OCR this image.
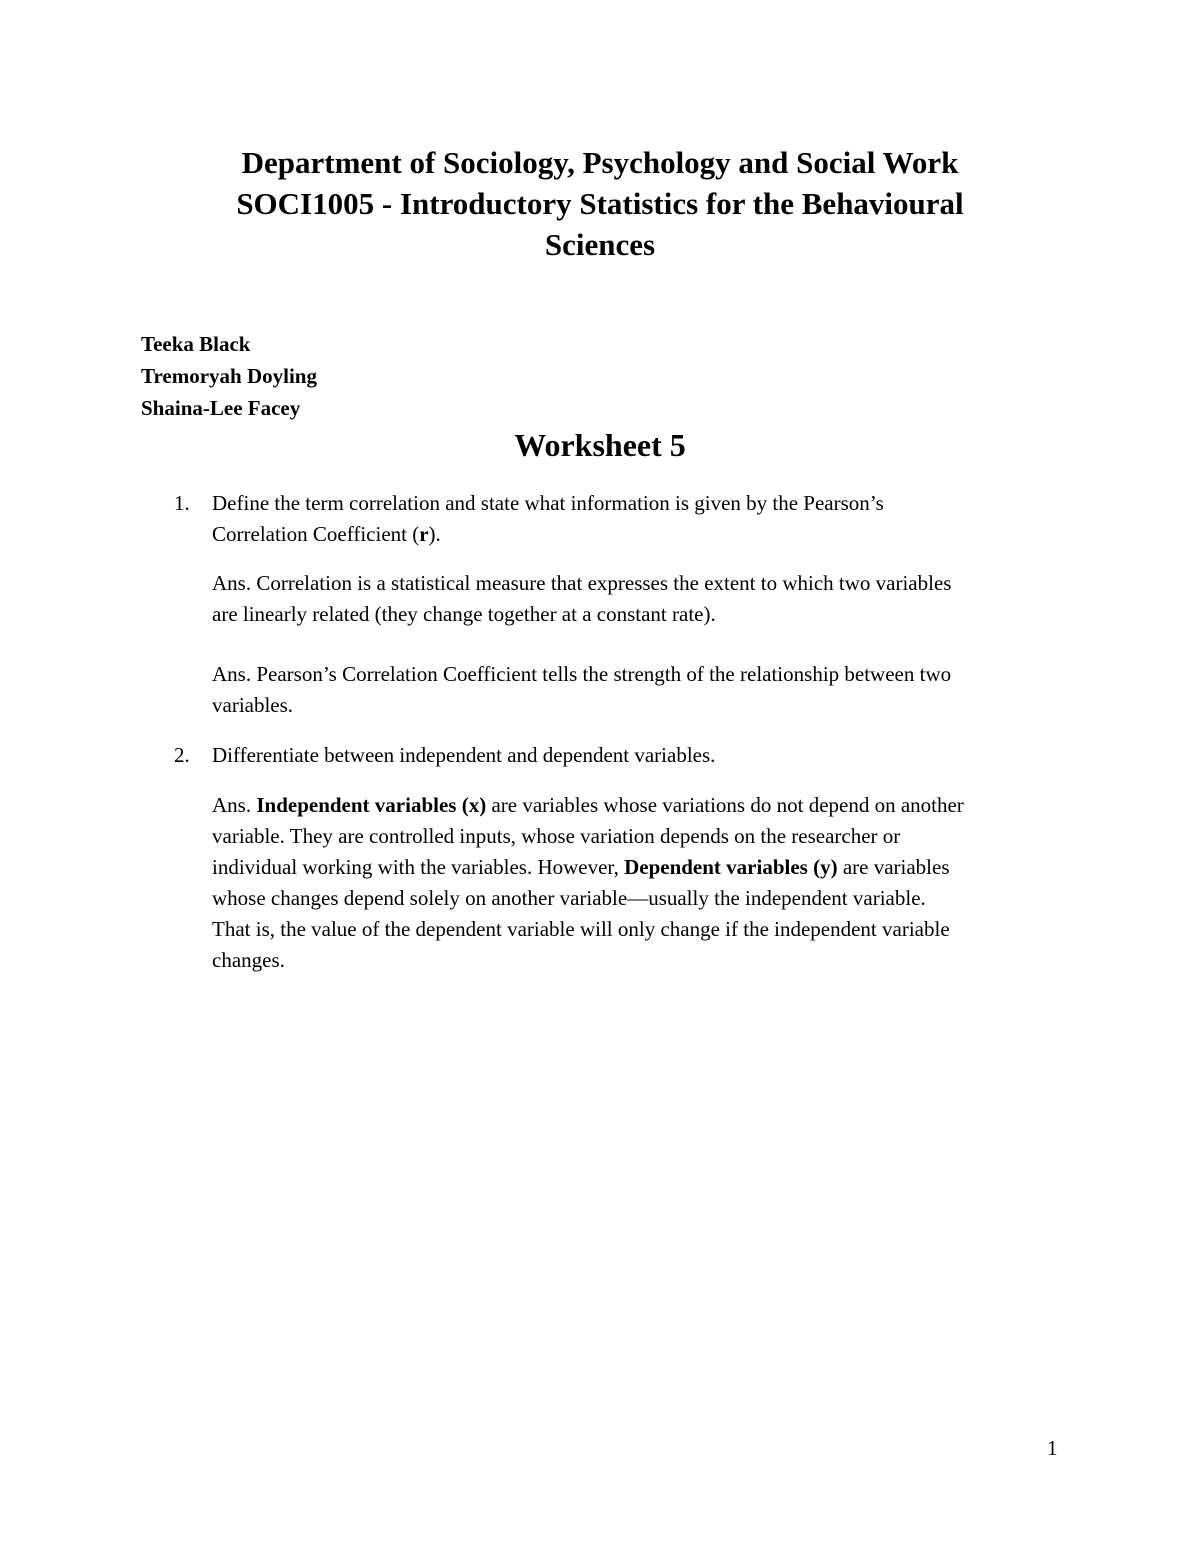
Department of Sociology, Psychology and Social Work
SOCI1005 - Introductory Statistics for the Behavioural
Sciences
Teeka Black
Tremoryah Doyling
Shaina-Lee Facey
Worksheet 5
1. Define the term correlation and state what information is given by the Pearson’s

Correlation Coefficient (r).

Ans. Correlation is a statistical measure that expresses the extent to which two variables

are linearly related (they change together at a constant rate).

Ans. Pearson’s Correlation Coefficient tells the strength of the relationship between two

variables.

2. Differentiate between independent and dependent variables.

Ans. Independent variables (x) are variables whose variations do not depend on another

variable. They are controlled inputs, whose variation depends on the researcher or

individual working with the variables. However, Dependent variables (y) are variables

whose changes depend solely on another variable—usually the independent variable.

That is, the value of the dependent variable will only change if the independent variable

changes.

1
